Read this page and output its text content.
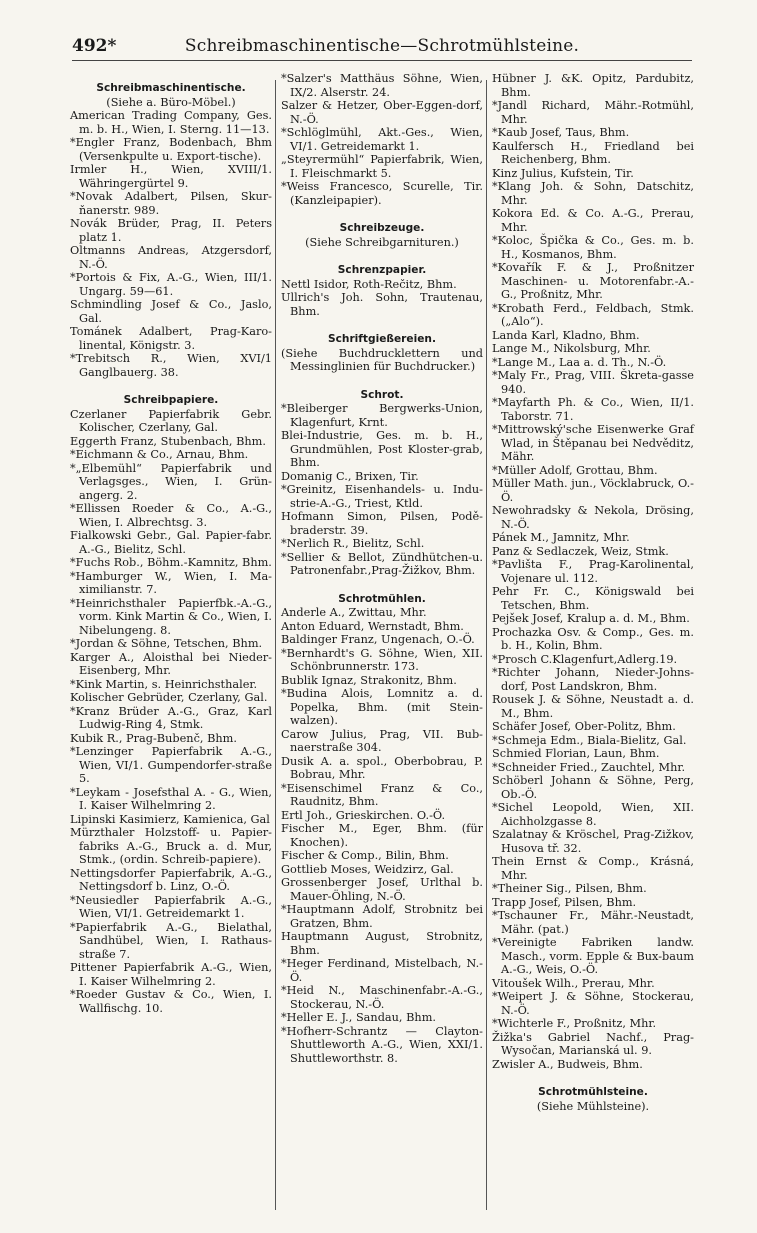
492*	Schreibmaschinentische—Schrotmühlsteine.
Schreibmaschinentische.
(Siehe a. Büro-Möbel.)
American Trading Company, Ges. m. b. H., Wien, I. Sterng. 11—13.
*Engler Franz, Bodenbach, Bhm (Versenkpulte u. Export-tische).
Irmler H., Wien, XVIII/1. Währingergürtel 9.
*Novak Adalbert, Pilsen, Skur-ňanerstr. 989.
Novák Brüder, Prag, II. Peters platz 1.
Oltmanns Andreas, Atzgersdorf, N.-Ö.
*Portois & Fix, A.-G., Wien, III/1. Ungarg. 59—61.
Schmindling Josef & Co., Jaslo, Gal.
Tománek Adalbert, Prag-Karo-linental, Königstr. 3.
*Trebitsch R., Wien, XVI/1 Ganglbauerg. 38.
Schreibpapiere.
Czerlaner Papierfabrik Gebr. Kolischer, Czerlany, Gal.
Eggerth Franz, Stubenbach, Bhm.
*Eichmann & Co., Arnau, Bhm.
*„Elbemühl“ Papierfabrik und Verlagsges., Wien, I. Grün-angerg. 2.
*Ellissen Roeder & Co., A.-G., Wien, I. Albrechtsg. 3.
Fialkowski Gebr., Gal. Papier-fabr. A.-G., Bielitz, Schl.
*Fuchs Rob., Böhm.-Kamnitz, Bhm.
*Hamburger W., Wien, I. Ma-ximilianstr. 7.
*Heinrichsthaler Papierfbk.-A.-G., vorm. Kink Martin & Co., Wien, I. Nibelungeng. 8.
*Jordan & Söhne, Tetschen, Bhm.
Karger A., Aloisthal bei Nieder-Eisenberg, Mhr.
*Kink Martin, s. Heinrichsthaler.
Kolischer Gebrüder, Czerlany, Gal.
*Kranz Brüder A.-G., Graz, Karl Ludwig-Ring 4, Stmk.
Kubik R., Prag-Bubenč, Bhm.
*Lenzinger Papierfabrik A.-G., Wien, VI/1. Gumpendorfer-straße 5.
*Leykam - Josefsthal A. - G., Wien, I. Kaiser Wilhelmring 2.
Lipinski Kasimierz, Kamienica, Gal
Mürzthaler Holzstoff- u. Papier-fabriks A.-G., Bruck a. d. Mur, Stmk., (ordin. Schreib-papiere).
Nettingsdorfer Papierfabrik, A.-G., Nettingsdorf b. Linz, O.-Ö.
*Neusiedler Papierfabrik A.-G., Wien, VI/1. Getreidemarkt 1.
*Papierfabrik A.-G., Bielathal, Sandhübel, Wien, I. Rathaus-straße 7.
Pittener Papierfabrik A.-G., Wien, I. Kaiser Wilhelmring 2.
*Roeder Gustav & Co., Wien, I. Wallfischg. 10.
*Salzer's Matthäus Söhne, Wien, IX/2. Alserstr. 24.
Salzer & Hetzer, Ober-Eggen-dorf, N.-Ö.
*Schlöglmühl, Akt.-Ges., Wien, VI/1. Getreidemarkt 1.
„Steyrermühl“ Papierfabrik, Wien, I. Fleischmarkt 5.
*Weiss Francesco, Scurelle, Tir. (Kanzleipapier).
Schreibzeuge.
(Siehe Schreibgarnituren.)
Schrenzpapier.
Nettl Isidor, Roth-Rečitz, Bhm.
Ullrich's Joh. Sohn, Trautenau, Bhm.
Schriftgießereien.
(Siehe Buchdrucklettern und Messinglinien für Buchdrucker.)
Schrot.
*Bleiberger Bergwerks-Union, Klagenfurt, Krnt.
Blei-Industrie, Ges. m. b. H., Grundmühlen, Post Kloster-grab, Bhm.
Domanig C., Brixen, Tir.
*Greinitz, Eisenhandels- u. Indu-strie-A.-G., Triest, Ktld.
Hofmann Simon, Pilsen, Podě-braderstr. 39.
*Nerlich R., Bielitz, Schl.
*Sellier & Bellot, Zündhütchen-u. Patronenfabr.,Prag-Žižkov, Bhm.
Schrotmühlen.
Anderle A., Zwittau, Mhr.
Anton Eduard, Wernstadt, Bhm.
Baldinger Franz, Ungenach, O.-Ö.
*Bernhardt's G. Söhne, Wien, XII. Schönbrunnerstr. 173.
Bublik Ignaz, Strakonitz, Bhm.
*Budina Alois, Lomnitz a. d. Popelka, Bhm. (mit Stein-walzen).
Carow Julius, Prag, VII. Bub-naerstraße 304.
Dusik A. a. spol., Oberbobrau, P. Bobrau, Mhr.
*Eisenschimel Franz & Co., Raudnitz, Bhm.
Ertl Joh., Grieskirchen. O.-Ö.
Fischer M., Eger, Bhm. (für Knochen).
Fischer & Comp., Bilin, Bhm.
Gottlieb Moses, Weidzirz, Gal.
Grossenberger Josef, Urlthal b. Mauer-Öhling, N.-Ö.
*Hauptmann Adolf, Strobnitz bei Gratzen, Bhm.
Hauptmann August, Strobnitz, Bhm.
*Heger Ferdinand, Mistelbach, N.-Ö.
*Heid N., Maschinenfabr.-A.-G., Stockerau, N.-Ö.
*Heller E. J., Sandau, Bhm.
*Hofherr-Schrantz — Clayton-Shuttleworth A.-G., Wien, XXI/1. Shuttleworthstr. 8.
Hübner J. &K. Opitz, Pardubitz, Bhm.
*Jandl Richard, Mähr.-Rotmühl, Mhr.
*Kaub Josef, Taus, Bhm.
Kaulfersch H., Friedland bei Reichenberg, Bhm.
Kinz Julius, Kufstein, Tir.
*Klang Joh. & Sohn, Datschitz, Mhr.
Kokora Ed. & Co. A.-G., Prerau, Mhr.
*Koloc, Špička & Co., Ges. m. b. H., Kosmanos, Bhm.
*Kovařík F. & J., Proßnitzer Maschinen- u. Motorenfabr.-A.-G., Proßnitz, Mhr.
*Krobath Ferd., Feldbach, Stmk. („Alo“).
Landa Karl, Kladno, Bhm.
Lange M., Nikolsburg, Mhr.
*Lange M., Laa a. d. Th., N.-Ö.
*Maly Fr., Prag, VIII. Škreta-gasse 940.
*Mayfarth Ph. & Co., Wien, II/1. Taborstr. 71.
*Mittrowský'sche Eisenwerke Graf Wlad, in Štěpanau bei Nedvěditz, Mähr.
*Müller Adolf, Grottau, Bhm.
Müller Math. jun., Vöcklabruck, O.-Ö.
Newohradsky & Nekola, Drösing, N.-Ö.
Pánek M., Jamnitz, Mhr.
Panz & Sedlaczek, Weiz, Stmk.
*Pavlišta F., Prag-Karolinental, Vojenare ul. 112.
Pehr Fr. C., Königswald bei Tetschen, Bhm.
Pejšek Josef, Kralup a. d. M., Bhm.
Prochazka Osv. & Comp., Ges. m. b. H., Kolin, Bhm.
*Prosch C.Klagenfurt,Adlerg.19.
*Richter Johann, Nieder-Johns-dorf, Post Landskron, Bhm.
Rousek J. & Söhne, Neustadt a. d. M., Bhm.
Schäfer Josef, Ober-Politz, Bhm.
*Schmeja Edm., Biala-Bielitz, Gal.
Schmied Florian, Laun, Bhm.
*Schneider Fried., Zauchtel, Mhr.
Schöberl Johann & Söhne, Perg, Ob.-Ö.
*Sichel Leopold, Wien, XII. Aichholzgasse 8.
Szalatnay & Kröschel, Prag-Zižkov, Husova tř. 32.
Thein Ernst & Comp., Krásná, Mhr.
*Theiner Sig., Pilsen, Bhm.
Trapp Josef, Pilsen, Bhm.
*Tschauner Fr., Mähr.-Neustadt, Mähr. (pat.)
*Vereinigte Fabriken landw. Masch., vorm. Epple & Bux-baum A.-G., Weis, O.-Ö.
Vitoušek Wilh., Prerau, Mhr.
*Weipert J. & Söhne, Stockerau, N.-Ö.
*Wichterle F., Proßnitz, Mhr.
Žižka's Gabriel Nachf., Prag-Wysočan, Marianská ul. 9.
Zwisler A., Budweis, Bhm.
Schrotmühlsteine.
(Siehe Mühlsteine).
